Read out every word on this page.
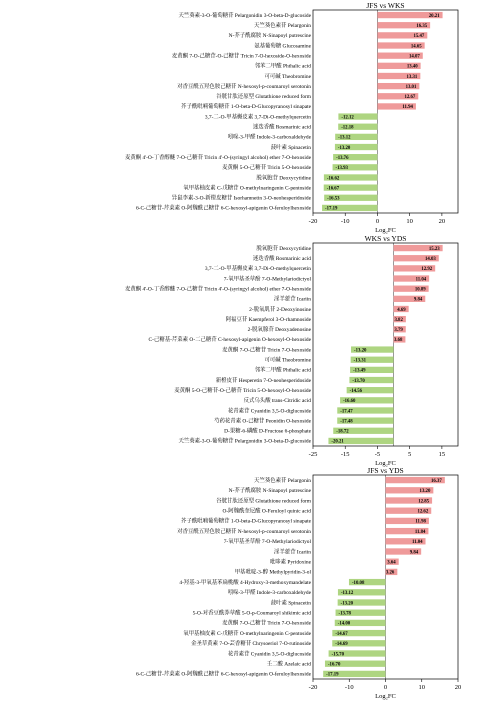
JFS vs WKS
20.21
天竺葵素-3-O-葡萄糖苷 Pelargonidin 3-O-beta-D-glucoside
16.35
天竺葵色素苷 Pelargonin
15.47
N-芥子酰腐胺 N-Sinapoyl putrescine
14.65
氨基葡萄糖 Glucosamine
14.07
麦黄酮 7-O-己糖苷-O-己糖苷 Tricin 7-O-hexoside-O-hexoside
13.40
邻苯二甲酸 Phthalic acid
13.31
可可碱 Theobromine
13.01
对香豆酰五羟色胺己糖苷 N-hexosyl-p-coumaroyl serotonin
12.67
谷胱甘肽还原型 Glutathione reduced form
11.94
芥子酰吡喃葡萄糖苷 1-O-beta-D-Glucopyranosyl sinapate
-12.12
3,7-二-O-甲基槲皮素 3,7-Di-O-methylquercetin
-12.18
迷迭香酸 Rosmarinic acid
-13.12
吲哚-3-甲醛 Indole-3-carboxaldehyde
-13.20
菠叶素 Spinacetin
-13.76
麦黄酮 4'-O-丁香醇醚 7-O-己糖苷 Tricin 4'-O-(syringyl alcohol) ether 7-O-hexoside
-13.93
麦黄酮 5-O-己糖苷 Tricin 5-O-hexoside
-16.62
脱氧胞苷 Deoxycytidine
-16.67
氧甲基柚皮素 C-戊糖苷 O-methylnaringenin C-pentoside
-16.53
异鼠李素-3-O-新橙皮糖苷 Isorhamnetin 3-O-neohesperidoside
-17.19
6-C-己糖苷-芹菜素 O-阿魏酰己糖苷 6-C-hexosyl-apigenin O-feruloylhexoside
-20	-10	0	10	20
Log₂FC
WKS vs YDS
15.23
脱氧胞苷 Deoxycytidine
14.03
迷迭香酸 Rosmarinic acid
12.92
3,7-二-O-甲基槲皮素 3,7-Di-O-methylquercetin
11.04
7-氧甲基圣草酚 7-O-Methylariodictyol
10.89
麦黄酮 4'-O-丁香醇醚 7-O-己糖苷 Tricin 4'-O-(syringyl alcohol) ether 7-O-hexoside
9.84
淫羊藿苷 Icariin
4.69
2-脱氧肌苷 2-Deoxyinosine
3.82
阿福豆苷 Kaempferol 3-O-rhamnoside
3.79
2-脱氧腺苷 Deoxyadenosine
3.68
C-己糖基-芹菜素 O-二己糖苷 C-hexosyl-apigenin O-hexosyl-O-hexoside
-13.20
麦黄酮 7-O-己糖苷 Tricin 7-O-hexoside
-13.31
可可碱 Theobromine
-13.49
邻苯二甲酸 Phthalic acid
-13.70
新橙皮苷 Hesperetin 7-O-neohesperidoside
-14.56
麦黄酮 5-O-己糖苷-O-己糖苷 Tricin 5-O-hexosyl-O-hexoside
-16.60
反式乌头酸 trans-Citridic acid
-17.47
花青素苷 Cyanidin 3,5-O-diglucoside
-17.48
芍药花青素 O-己糖苷 Peonidin O-hexoside
-18.72
D-果糖-6-磷酸 D-Fructose 6-phosphate
-20.21
天竺葵素-3-O-葡萄糖苷 Pelargonidin 3-O-beta-D-glucoside
-25	-15	-5	5	15
Log₂FC
JFS vs YDS
16.37
天竺葵色素苷 Pelargonin
13.20
N-芥子酰腐胺 N-Sinapoyl putrescine
12.85
谷胱甘肽还原型 Glutathione reduced form
12.62
O-阿魏酰奎尼酸 O-Feruloyl quinic acid
11.98
芥子酰吡喃葡萄糖苷 1-O-beta-D-Glucopyranosyl sinapate
11.84
对香豆酰五羟色胺己糖苷 N-hexosyl-p-coumaroyl serotonin
11.04
7-氧甲基圣草酚 7-O-Methylariodictyol
9.84
淫羊藿苷 Icariin
3.64
吡哆素 Pyridoxine
3.26
甲基吡啶-3-醇 Methylpyridin-3-ol
-10.08
4-羟基-3-甲氧基苯扁桃酸 4-Hydroxy-3-methoxymandelate
-13.12
吲哚-3-甲醛 Indole-3-carboxaldehyde
-13.20
菠叶素 Spinacetin
-13.78
5-O-对香豆酰莽草酸 5-O-p-Coumaroyl shikimic acid
-14.00
麦黄酮 7-O-己糖苷 Tricin 7-O-hexoside
-14.67
氧甲基柚皮素 C-戊糖苷 O-methylnaringenin C-pentoside
-14.69
金圣草黄素 7-O-芸香糖苷 Chrysoeriol 7-O-rutinoside
-15.70
花青素苷 Cyanidin 3,5-O-diglucoside
-16.70
壬二酸 Azelaic acid
-17.19
6-C-己糖苷-芹菜素 O-阿魏酰己糖苷 6-C-hexosyl-apigenin O-feruloylhexoside
-20	-10	0	10	20
Log₂FC
